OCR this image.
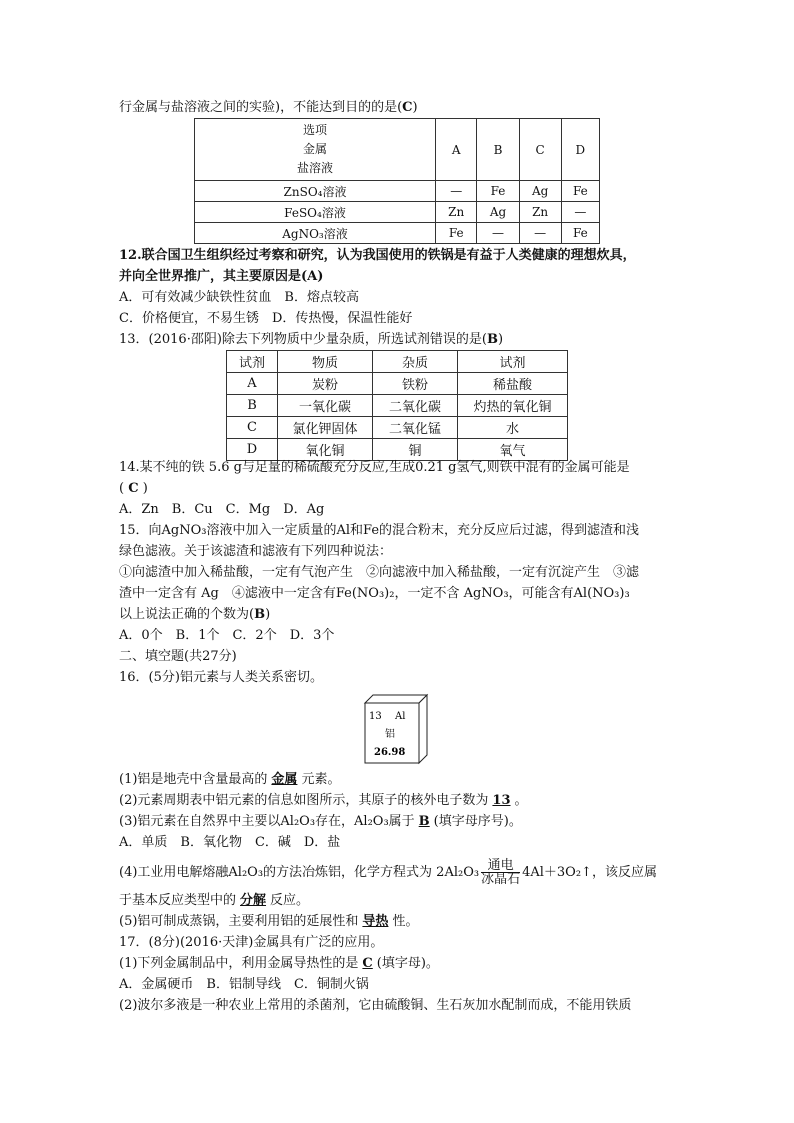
行金属与盐溶液之间的实验)，不能达到目的的是(C)
选项
金属
盐溶液	A	B	C	D
ZnSO₄溶液	—	Fe	Ag	Fe
FeSO₄溶液	Zn	Ag	Zn	—
AgNO₃溶液	Fe	—	—	Fe
12.联合国卫生组织经过考察和研究，认为我国使用的铁锅是有益于人类健康的理想炊具，
并向全世界推广，其主要原因是(A)
A．可有效减少缺铁性贫血　B．熔点较高
C．价格便宜，不易生锈　D．传热慢，保温性能好
13．(2016·邵阳)除去下列物质中少量杂质，所选试剂错误的是(B)
试剂	物质	杂质	试剂
A	炭粉	铁粉	稀盐酸
B	一氧化碳	二氧化碳	灼热的氧化铜
C	氯化钾固体	二氧化锰	水
D	氧化铜	铜	氧气
14.某不纯的铁 5.6 g与足量的稀硫酸充分反应,生成0.21 g氢气,则铁中混有的金属可能是
( C )
A．Zn　B．Cu　C．Mg　D．Ag
15．向AgNO₃溶液中加入一定质量的Al和Fe的混合粉末，充分反应后过滤，得到滤渣和浅
绿色滤液。关于该滤渣和滤液有下列四种说法：
①向滤渣中加入稀盐酸，一定有气泡产生　②向滤液中加入稀盐酸，一定有沉淀产生　③滤
渣中一定含有 Ag　④滤液中一定含有Fe(NO₃)₂，一定不含 AgNO₃，可能含有Al(NO₃)₃
以上说法正确的个数为(B)
A．0个　B．1个　C．2个　D．3个
二、填空题(共27分)
16．(5分)铝元素与人类关系密切。
13 Al
铝
26.98
(1)铝是地壳中含量最高的 金属 元素。
(2)元素周期表中铝元素的信息如图所示，其原子的核外电子数为 13 。
(3)铝元素在自然界中主要以Al₂O₃存在，Al₂O₃属于 B (填字母序号)。
A．单质　B．氧化物　C．碱　D．盐
(4)工业用电解熔融Al₂O₃的方法冶炼铝，化学方程式为 $2Al_2O_3 \frac{\text{通电}}{\text{冰晶石}}$ 4Al＋3O₂↑，该反应属
于基本反应类型中的 分解 反应。
(5)铝可制成蒸锅，主要利用铝的延展性和 导热 性。
17．(8分)(2016·天津)金属具有广泛的应用。
(1)下列金属制品中，利用金属导热性的是 C (填字母)。
A．金属硬币　B．铝制导线　C．铜制火锅
(2)波尔多液是一种农业上常用的杀菌剂，它由硫酸铜、生石灰加水配制而成，不能用铁质
